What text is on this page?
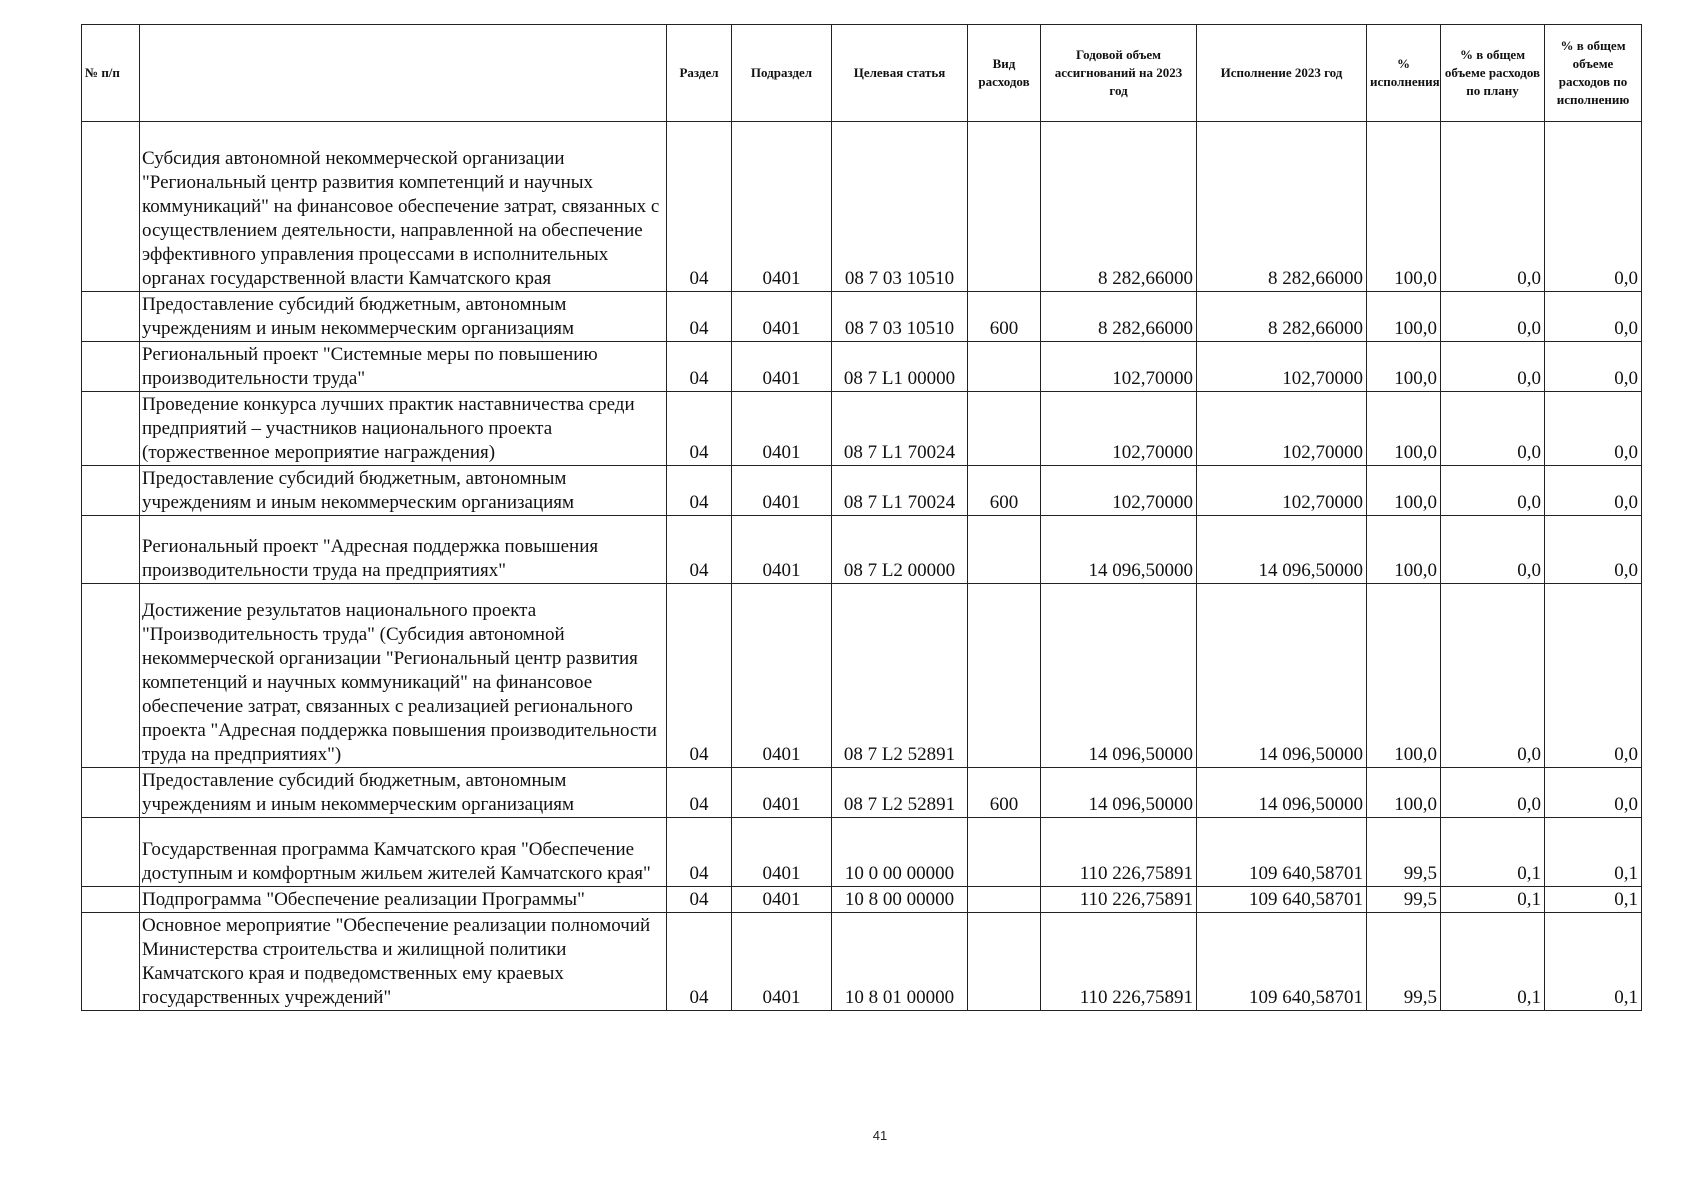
№ п/п		Раздел	Подраздел	Целевая статья	Вид расходов	Годовой объем ассигнований на 2023 год	Исполнение 2023 год	% исполнения	% в общем объеме расходов по плану	% в общем объеме расходов по исполнению
	Субсидия автономной некоммерческой организации "Региональный центр развития компетенций и научных коммуникаций" на финансовое обеспечение затрат, связанных с осуществлением деятельности, направленной на обеспечение эффективного управления процессами в исполнительных органах государственной власти Камчатского края	04	0401	08 7 03 10510		8 282,66000	8 282,66000	100,0	0,0	0,0
	Предоставление субсидий бюджетным, автономным учреждениям и иным некоммерческим организациям	04	0401	08 7 03 10510	600	8 282,66000	8 282,66000	100,0	0,0	0,0
	Региональный проект "Системные меры по повышению производительности труда"	04	0401	08 7 L1 00000		102,70000	102,70000	100,0	0,0	0,0
	Проведение конкурса лучших практик наставничества среди предприятий – участников национального проекта (торжественное мероприятие награждения)	04	0401	08 7 L1 70024		102,70000	102,70000	100,0	0,0	0,0
	Предоставление субсидий бюджетным, автономным учреждениям и иным некоммерческим организациям	04	0401	08 7 L1 70024	600	102,70000	102,70000	100,0	0,0	0,0
	Региональный проект "Адресная поддержка повышения производительности труда на предприятиях"	04	0401	08 7 L2 00000		14 096,50000	14 096,50000	100,0	0,0	0,0
	Достижение результатов национального проекта "Производительность труда" (Субсидия автономной некоммерческой организации "Региональный центр развития компетенций и научных коммуникаций" на финансовое обеспечение затрат, связанных с реализацией регионального проекта "Адресная поддержка повышения производительности труда на предприятиях")	04	0401	08 7 L2 52891		14 096,50000	14 096,50000	100,0	0,0	0,0
	Предоставление субсидий бюджетным, автономным учреждениям и иным некоммерческим организациям	04	0401	08 7 L2 52891	600	14 096,50000	14 096,50000	100,0	0,0	0,0
	Государственная программа Камчатского края "Обеспечение доступным и комфортным жильем жителей Камчатского края"	04	0401	10 0 00 00000		110 226,75891	109 640,58701	99,5	0,1	0,1
	Подпрограмма "Обеспечение реализации Программы"	04	0401	10 8 00 00000		110 226,75891	109 640,58701	99,5	0,1	0,1
	Основное мероприятие "Обеспечение реализации полномочий Министерства строительства и жилищной политики Камчатского края и подведомственных ему краевых государственных учреждений"	04	0401	10 8 01 00000		110 226,75891	109 640,58701	99,5	0,1	0,1
41
